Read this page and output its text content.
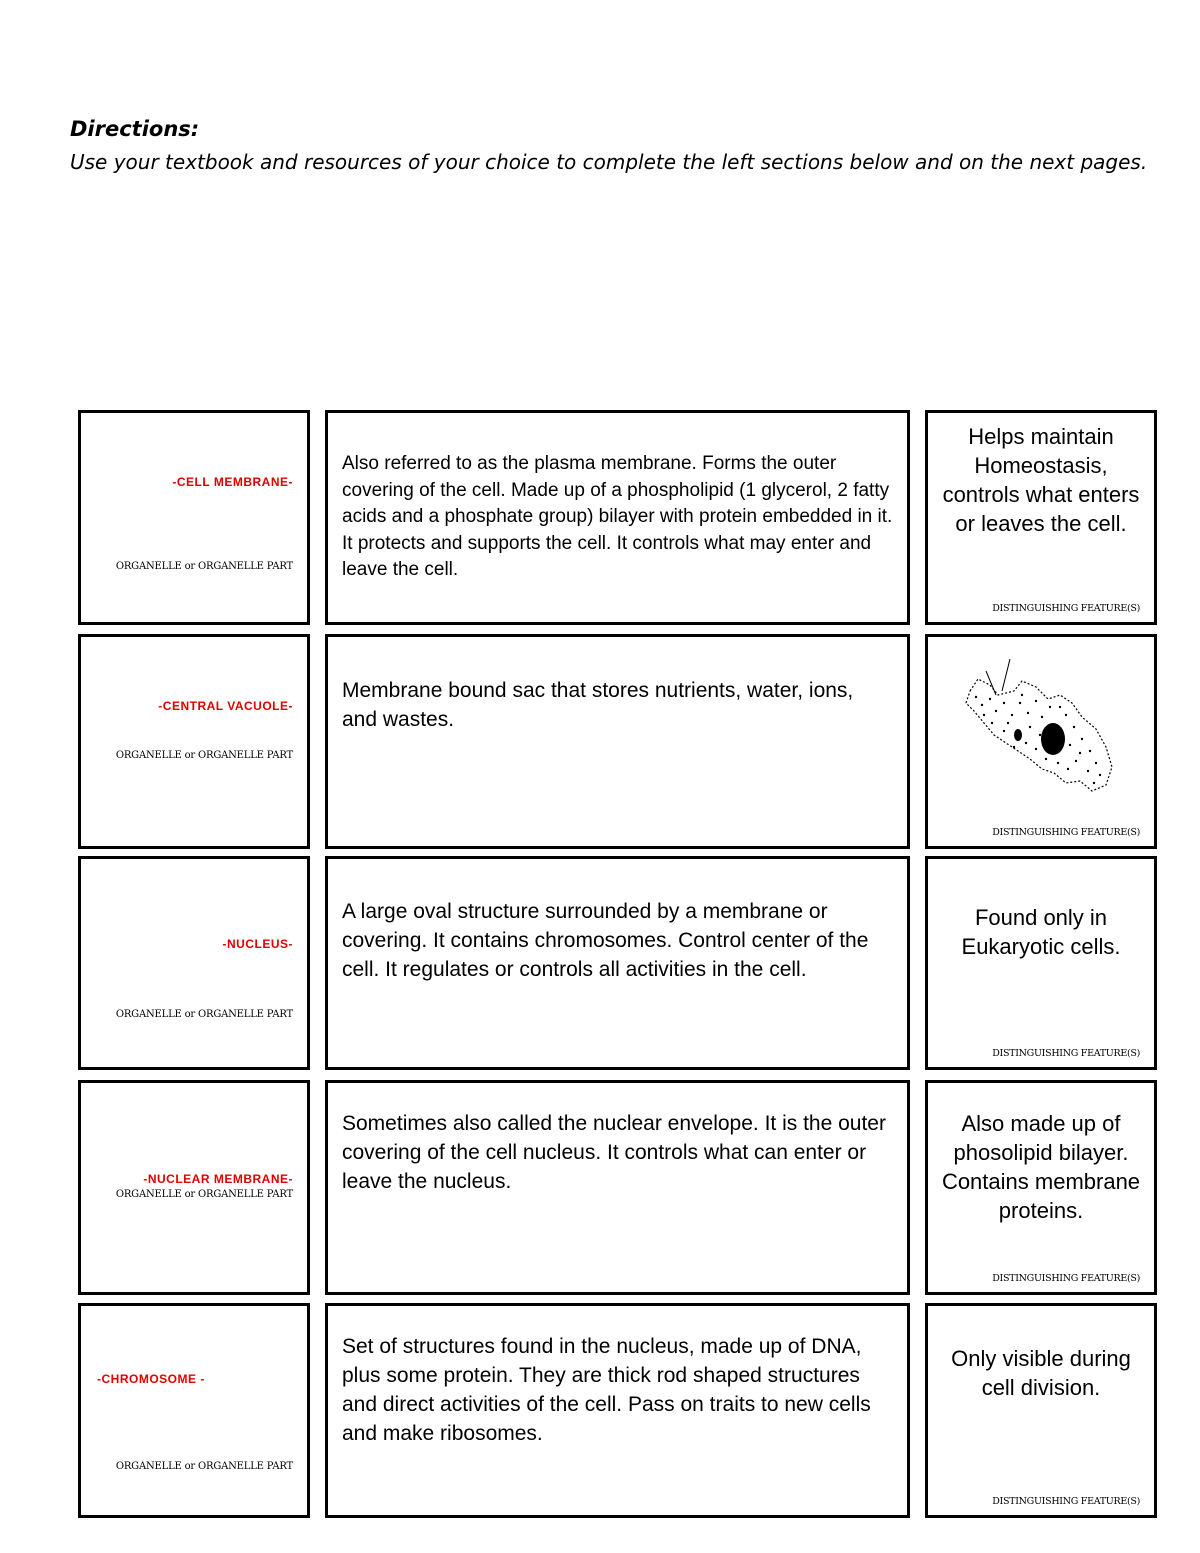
Directions:
Use your textbook and resources of your choice to complete the left sections below and on the next pages.
-CELL MEMBRANE-
ORGANELLE or ORGANELLE PART
Also referred to as the plasma membrane. Forms the outer covering of the cell. Made up of a phospholipid (1 glycerol, 2 fatty acids and a phosphate group) bilayer with protein embedded in it. It protects and supports the cell. It controls what may enter and leave the cell.
Helps maintain Homeostasis, controls what enters or leaves the cell.
DISTINGUISHING FEATURE(S)
-CENTRAL VACUOLE-
ORGANELLE or ORGANELLE PART
Membrane bound sac that stores nutrients, water, ions, and wastes.
DISTINGUISHING FEATURE(S)
-NUCLEUS-
ORGANELLE or ORGANELLE PART
A large oval structure surrounded by a membrane or covering. It contains chromosomes. Control center of the cell. It regulates or controls all activities in the cell.
Found only in Eukaryotic cells.
DISTINGUISHING FEATURE(S)
-NUCLEAR MEMBRANE-
ORGANELLE or ORGANELLE PART
Sometimes also called the nuclear envelope. It is the outer covering of the cell nucleus. It controls what can enter or leave the nucleus.
Also made up of phosolipid bilayer. Contains membrane proteins.
DISTINGUISHING FEATURE(S)
-CHROMOSOME -
ORGANELLE or ORGANELLE PART
Set of structures found in the nucleus, made up of DNA, plus some protein. They are thick rod shaped structures and direct activities of the cell. Pass on traits to new cells and make ribosomes.
Only visible during cell division.
DISTINGUISHING FEATURE(S)
